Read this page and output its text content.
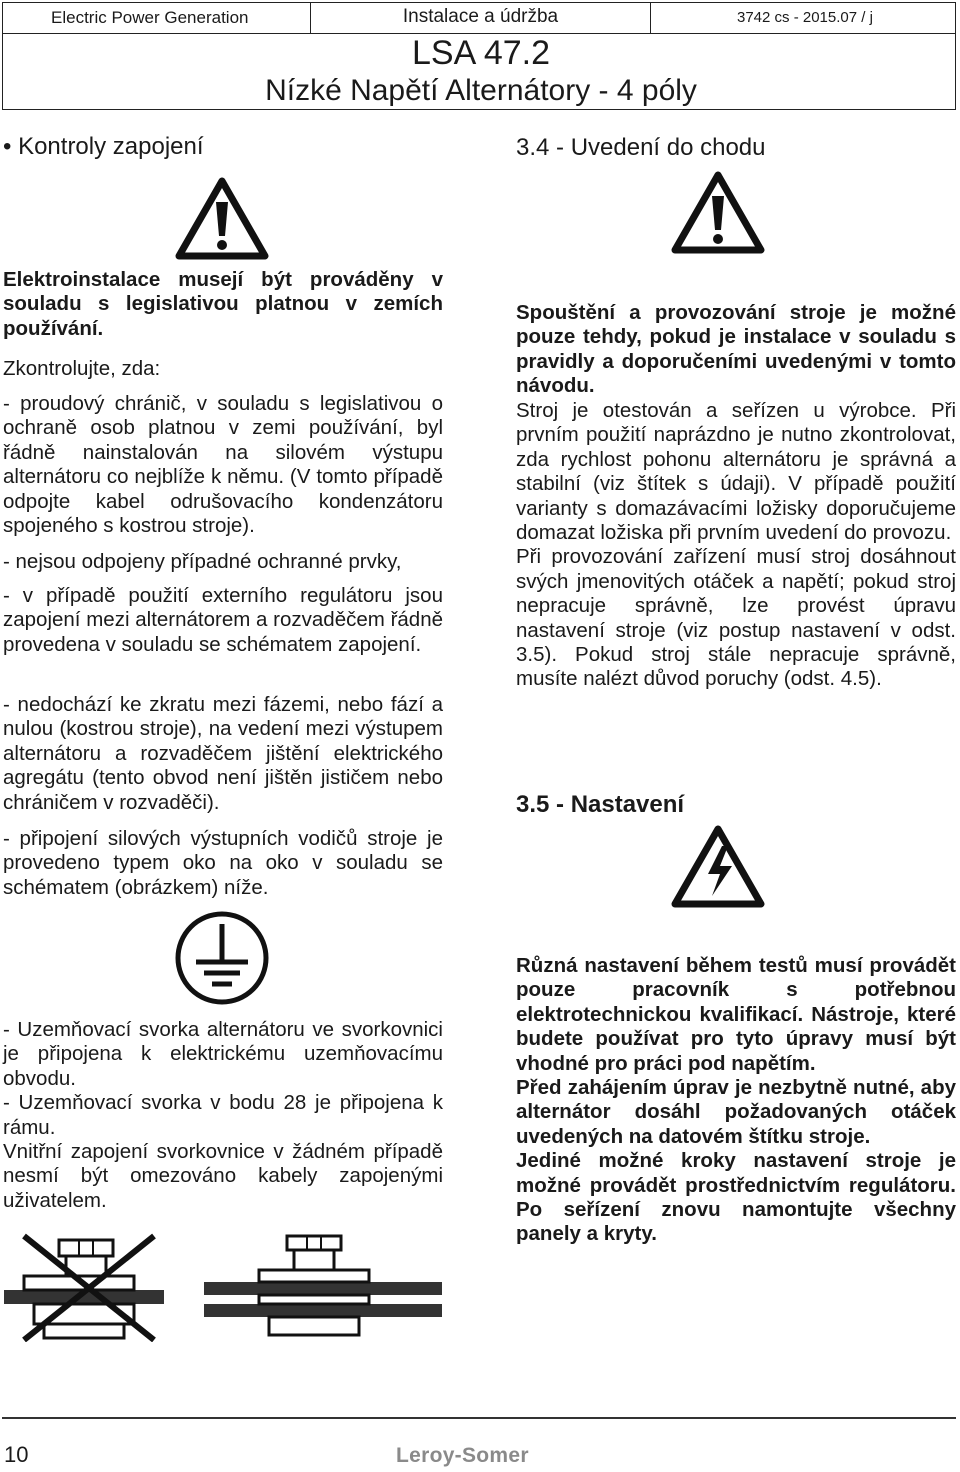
Electric Power Generation	Instalace a údržba	3742 cs - 2015.07 / j
LSA 47.2
Nízké Napětí Alternátory - 4 póly
• Kontroly zapojení
Elektroinstalace musejí být prováděny v souladu s legislativou platnou v zemích používání.
Zkontrolujte, zda:
- proudový chránič, v souladu s legislativou o ochraně osob platnou v zemi používání, byl řádně nainstalován na silovém výstupu alternátoru co nejblíže k němu. (V tomto případě odpojte kabel odrušovacího kondenzátoru spojeného s kostrou stroje).
- nejsou odpojeny případné ochranné prvky,
- v případě použití externího regulátoru jsou zapojení mezi alternátorem a rozvaděčem řádně provedena v souladu se schématem zapojení.
- nedochází ke zkratu mezi fázemi, nebo fází a nulou (kostrou stroje), na vedení mezi výstupem alternátoru a rozvaděčem jištění elektrického agregátu (tento obvod není jištěn jističem nebo chráničem v rozvaděči).
- připojení silových výstupních vodičů stroje je provedeno typem oko na oko v souladu se schématem (obrázkem) níže.
- Uzemňovací svorka alternátoru ve svorkovnici je připojena k elektrickému uzemňovacímu obvodu.
- Uzemňovací svorka v bodu 28 je připojena k rámu.
Vnitřní zapojení svorkovnice v žádném případě nesmí být omezováno kabely zapojenými uživatelem.
3.4 - Uvedení do chodu
Spouštění a provozování stroje je možné pouze tehdy, pokud je instalace v souladu s pravidly a doporučeními uvedenými v tomto návodu.
Stroj je otestován a seřízen u výrobce. Při prvním použití naprázdno je nutno zkontrolovat, zda rychlost pohonu alternátoru je správná a stabilní (viz štítek s údaji). V případě použití varianty s domazávacími ložisky doporučujeme domazat ložiska při prvním uvedení do provozu.
Při provozování zařízení musí stroj dosáhnout svých jmenovitých otáček a napětí; pokud stroj nepracuje správně, lze provést úpravu nastavení stroje (viz postup nastavení v odst. 3.5). Pokud stroj stále nepracuje správně, musíte nalézt důvod poruchy (odst. 4.5).
3.5 - Nastavení
Různá nastavení během testů musí provádět pouze pracovník s potřebnou elektrotechnickou kvalifikací. Nástroje, které budete používat pro tyto úpravy musí být vhodné pro práci pod napětím.
Před zahájením úprav je nezbytně nutné, aby alternátor dosáhl požadovaných otáček uvedených na datovém štítku stroje.
Jediné možné kroky nastavení stroje je možné provádět prostřednictvím regulátoru. Po seřízení znovu namontujte všechny panely a kryty.
10	Leroy-Somer
